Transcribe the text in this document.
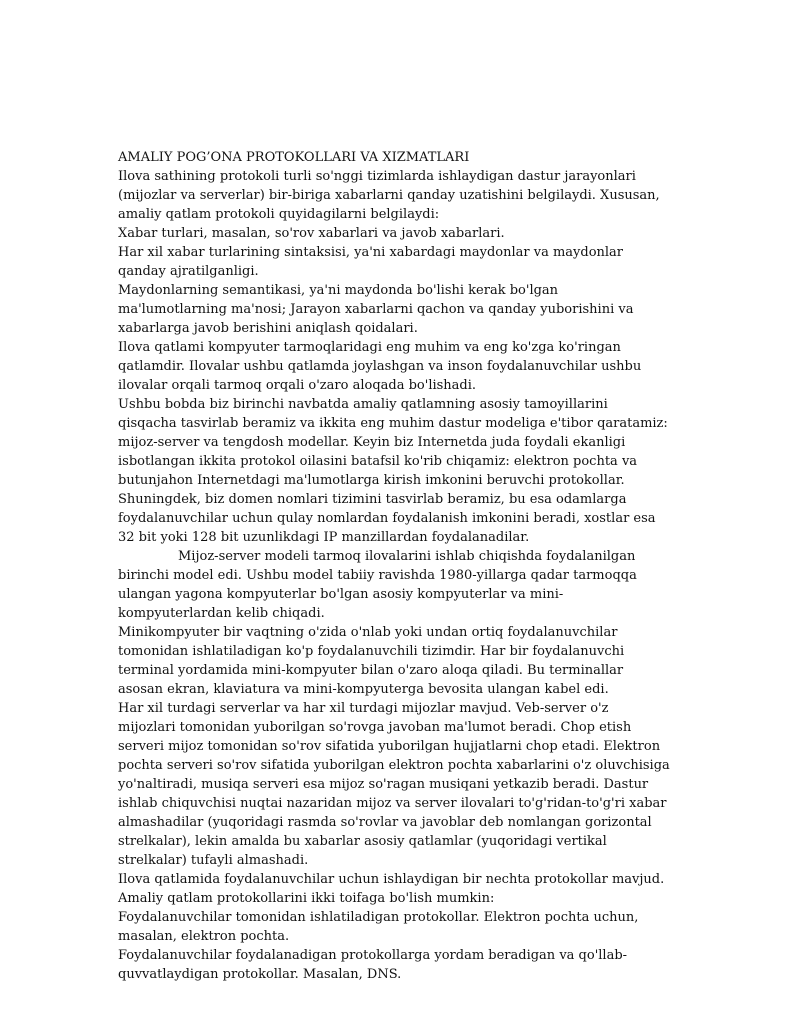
AMALIY POG’ONA PROTOKOLLARI VA XIZMATLARI

Ilova sathining protokoli turli so'nggi tizimlarda ishlaydigan dastur jarayonlari (mijozlar va serverlar) bir-biriga xabarlarni qanday uzatishini belgilaydi. Xususan, amaliy qatlam protokoli quyidagilarni belgilaydi:

Xabar turlari, masalan, so'rov xabarlari va javob xabarlari.

Har xil xabar turlarining sintaksisi, ya'ni xabardagi maydonlar va maydonlar qanday ajratilganligi.

Maydonlarning semantikasi, ya'ni maydonda bo'lishi kerak bo'lgan ma'lumotlarning ma'nosi; Jarayon xabarlarni qachon va qanday yuborishini va xabarlarga javob berishini aniqlash qoidalari.

Ilova qatlami kompyuter tarmoqlaridagi eng muhim va eng ko'zga ko'ringan qatlamdir. Ilovalar ushbu qatlamda joylashgan va inson foydalanuvchilar ushbu ilovalar orqali tarmoq orqali o'zaro aloqada bo'lishadi.

Ushbu bobda biz birinchi navbatda amaliy qatlamning asosiy tamoyillarini qisqacha tasvirlab beramiz va ikkita eng muhim dastur modeliga e'tibor qaratamiz: mijoz-server va tengdosh modellar. Keyin biz Internetda juda foydali ekanligi isbotlangan ikkita protokol oilasini batafsil ko'rib chiqamiz: elektron pochta va butunjahon Internetdagi ma'lumotlarga kirish imkonini beruvchi protokollar. Shuningdek, biz domen nomlari tizimini tasvirlab beramiz, bu esa odamlarga foydalanuvchilar uchun qulay nomlardan foydalanish imkonini beradi, xostlar esa 32 bit yoki 128 bit uzunlikdagi IP manzillardan foydalanadilar.

Mijoz-server modeli tarmoq ilovalarini ishlab chiqishda foydalanilgan birinchi model edi. Ushbu model tabiiy ravishda 1980-yillarga qadar tarmoqqa ulangan yagona kompyuterlar bo'lgan asosiy kompyuterlar va mini-kompyuterlardan kelib chiqadi.

Minikompyuter bir vaqtning o'zida o'nlab yoki undan ortiq foydalanuvchilar tomonidan ishlatiladigan ko'p foydalanuvchili tizimdir. Har bir foydalanuvchi terminal yordamida mini-kompyuter bilan o'zaro aloqa qiladi. Bu terminallar asosan ekran, klaviatura va mini-kompyuterga bevosita ulangan kabel edi.

Har xil turdagi serverlar va har xil turdagi mijozlar mavjud. Veb-server o'z mijozlari tomonidan yuborilgan so'rovga javoban ma'lumot beradi. Chop etish serveri mijoz tomonidan so'rov sifatida yuborilgan hujjatlarni chop etadi. Elektron pochta serveri so'rov sifatida yuborilgan elektron pochta xabarlarini o'z oluvchisiga yo'naltiradi, musiqa serveri esa mijoz so'ragan musiqani yetkazib beradi. Dastur ishlab chiquvchisi nuqtai nazaridan mijoz va server ilovalari to'g'ridan-to'g'ri xabar almashadilar (yuqoridagi rasmda so'rovlar va javoblar deb nomlangan gorizontal strelkalar), lekin amalda bu xabarlar asosiy qatlamlar (yuqoridagi vertikal strelkalar) tufayli almashadi.

Ilova qatlamida foydalanuvchilar uchun ishlaydigan bir nechta protokollar mavjud. Amaliy qatlam protokollarini ikki toifaga bo'lish mumkin:

Foydalanuvchilar tomonidan ishlatiladigan protokollar. Elektron pochta uchun, masalan, elektron pochta.

Foydalanuvchilar foydalanadigan protokollarga yordam beradigan va qo'llab-quvvatlaydigan protokollar. Masalan, DNS.
